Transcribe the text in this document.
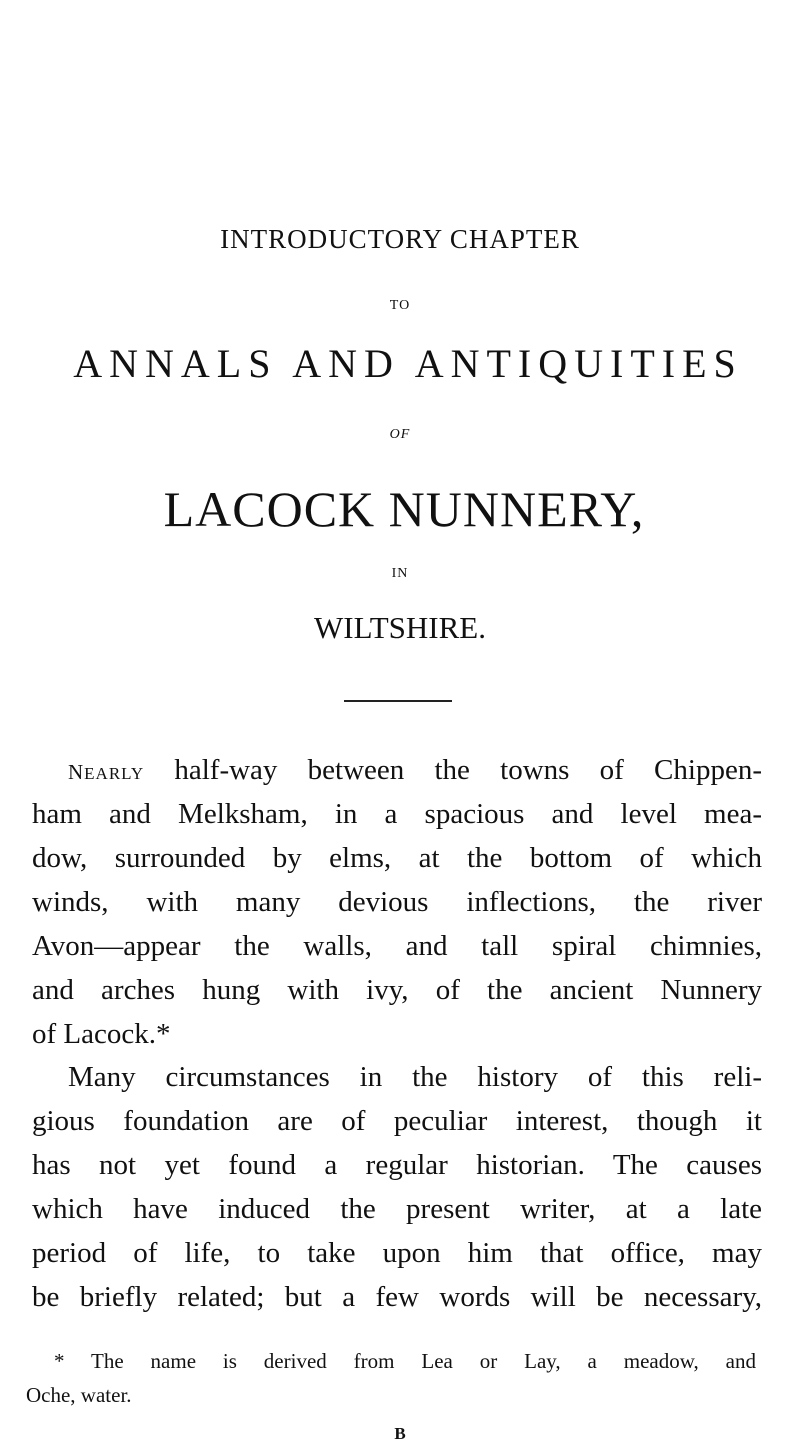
INTRODUCTORY CHAPTER
TO
ANNALS AND ANTIQUITIES
OF
LACOCK NUNNERY,
IN
WILTSHIRE.
NEARLY half-way between the towns of Chippen-
ham and Melksham, in a spacious and level mea-
dow, surrounded by elms, at the bottom of which
winds, with many devious inflections, the river
Avon—appear the walls, and tall spiral chimnies,
and arches hung with ivy, of the ancient Nunnery
of Lacock.*
Many circumstances in the history of this reli-
gious foundation are of peculiar interest, though it
has not yet found a regular historian. The causes
which have induced the present writer, at a late
period of life, to take upon him that office, may
be briefly related; but a few words will be necessary,
* The name is derived from Lea or Lay, a meadow, and
Oche, water.
B
